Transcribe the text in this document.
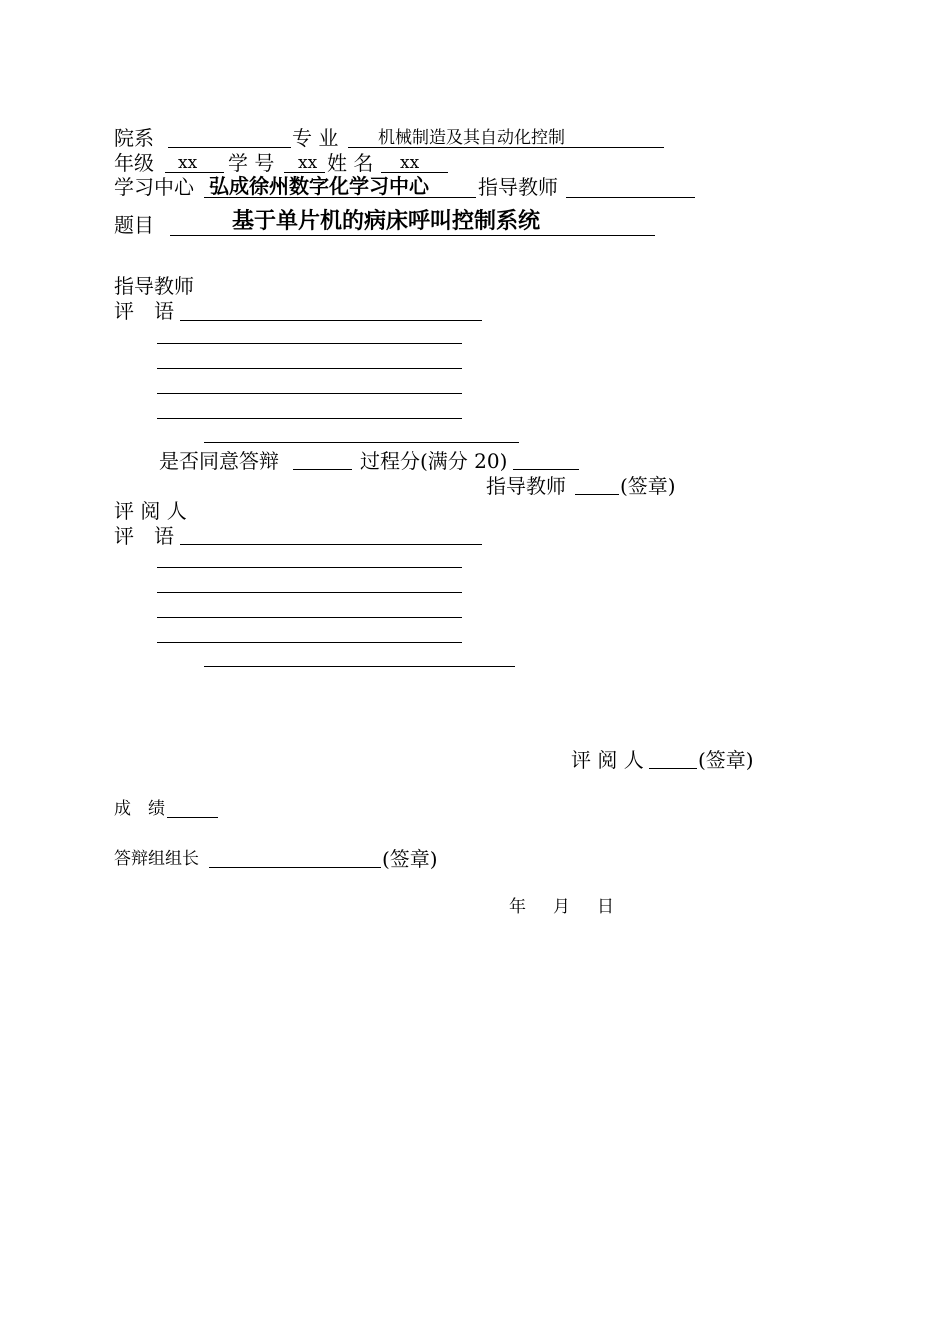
院系	专 业 机械制造及其自动化控制
年级 xx 学 号 xx 姓 名 xx
学习中心 弘成徐州数字化学习中心 指导教师
题目	基于单片机的病床呼叫控制系统
指导教师
评　语
是否同意答辩	过程分(满分 20)
指导教师	(签章)
评 阅 人
评　语
评 阅 人	(签章)
成　绩
答辩组组长	(签章)
年 月 日
